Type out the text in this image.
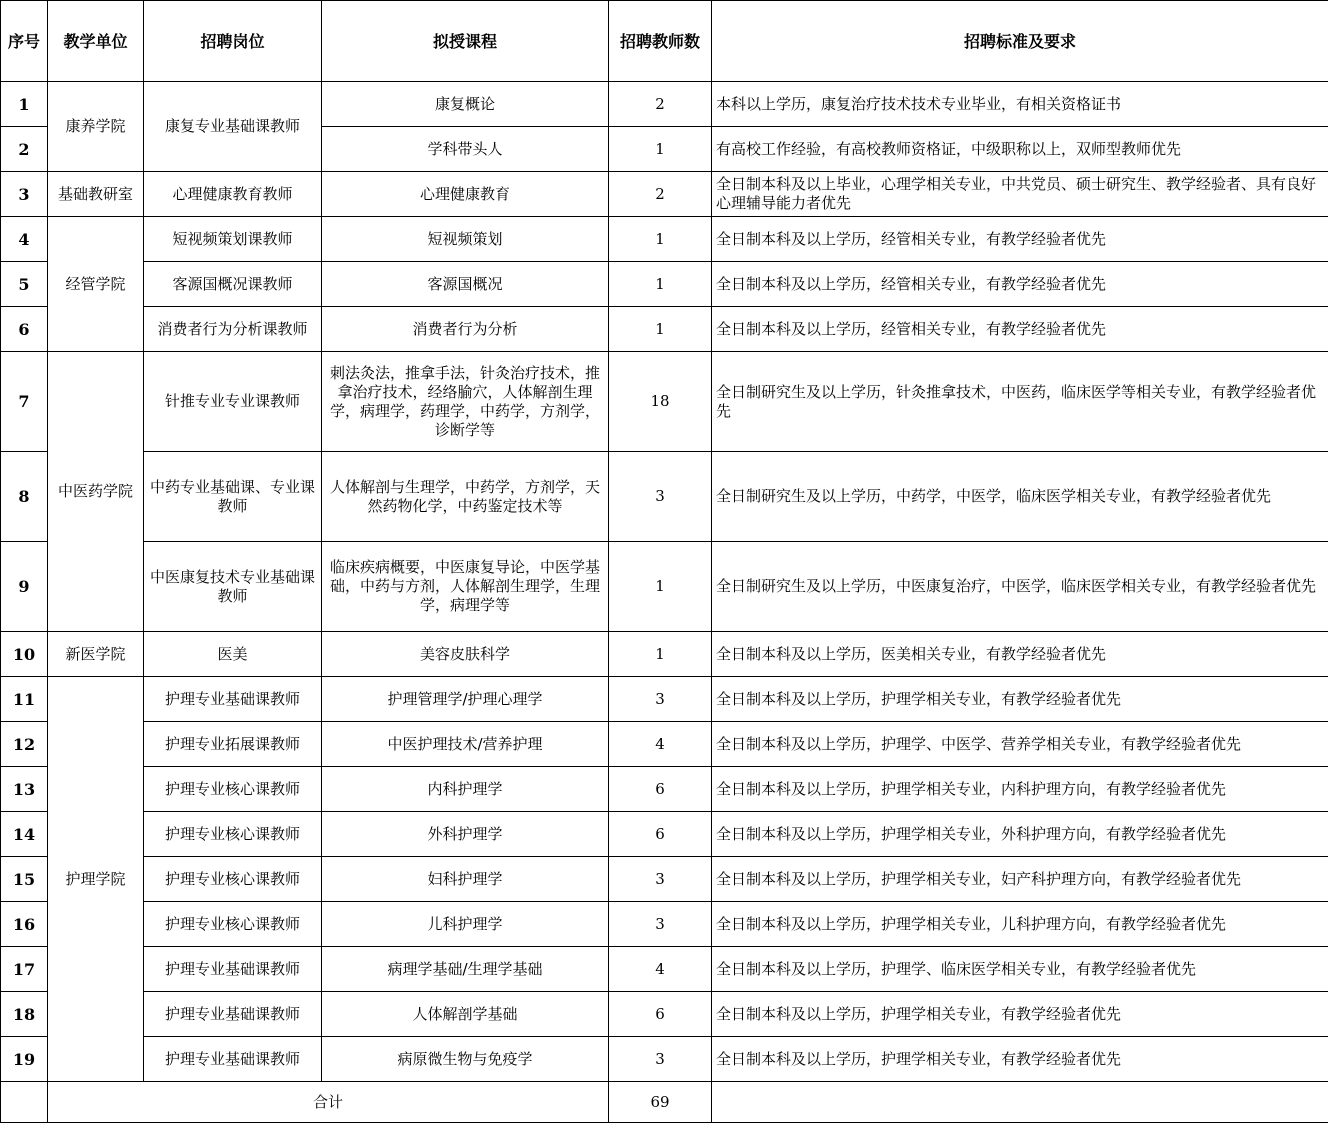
序号	教学单位	招聘岗位	拟授课程	招聘教师数	招聘标准及要求
1	康养学院	康复专业基础课教师	康复概论	2	本科以上学历，康复治疗技术技术专业毕业，有相关资格证书
2			学科带头人	1	有高校工作经验，有高校教师资格证，中级职称以上，双师型教师优先
3	基础教研室	心理健康教育教师	心理健康教育	2	全日制本科及以上毕业，心理学相关专业，中共党员、硕士研究生、教学经验者、具有良好心理辅导能力者优先
4	经管学院	短视频策划课教师	短视频策划	1	全日制本科及以上学历，经管相关专业，有教学经验者优先
5		客源国概况课教师	客源国概况	1	全日制本科及以上学历，经管相关专业，有教学经验者优先
6		消费者行为分析课教师	消费者行为分析	1	全日制本科及以上学历，经管相关专业，有教学经验者优先
7	中医药学院	针推专业专业课教师	刺法灸法，推拿手法，针灸治疗技术，推拿治疗技术，经络腧穴，人体解剖生理学，病理学，药理学，中药学，方剂学，诊断学等	18	全日制研究生及以上学历，针灸推拿技术，中医药，临床医学等相关专业，有教学经验者优先
8		中药专业基础课、专业课教师	人体解剖与生理学，中药学，方剂学，天然药物化学，中药鉴定技术等	3	全日制研究生及以上学历，中药学，中医学，临床医学相关专业，有教学经验者优先
9		中医康复技术专业基础课教师	临床疾病概要，中医康复导论，中医学基础，中药与方剂，人体解剖生理学，生理学，病理学等	1	全日制研究生及以上学历，中医康复治疗，中医学，临床医学相关专业，有教学经验者优先
10	新医学院	医美	美容皮肤科学	1	全日制本科及以上学历，医美相关专业，有教学经验者优先
11	护理学院	护理专业基础课教师	护理管理学/护理心理学	3	全日制本科及以上学历，护理学相关专业，有教学经验者优先
12		护理专业拓展课教师	中医护理技术/营养护理	4	全日制本科及以上学历，护理学、中医学、营养学相关专业，有教学经验者优先
13		护理专业核心课教师	内科护理学	6	全日制本科及以上学历，护理学相关专业，内科护理方向，有教学经验者优先
14		护理专业核心课教师	外科护理学	6	全日制本科及以上学历，护理学相关专业，外科护理方向，有教学经验者优先
15		护理专业核心课教师	妇科护理学	3	全日制本科及以上学历，护理学相关专业，妇产科护理方向，有教学经验者优先
16		护理专业核心课教师	儿科护理学	3	全日制本科及以上学历，护理学相关专业，儿科护理方向，有教学经验者优先
17		护理专业基础课教师	病理学基础/生理学基础	4	全日制本科及以上学历，护理学、临床医学相关专业，有教学经验者优先
18		护理专业基础课教师	人体解剖学基础	6	全日制本科及以上学历，护理学相关专业，有教学经验者优先
19		护理专业基础课教师	病原微生物与免疫学	3	全日制本科及以上学历，护理学相关专业，有教学经验者优先
	合计			69	
